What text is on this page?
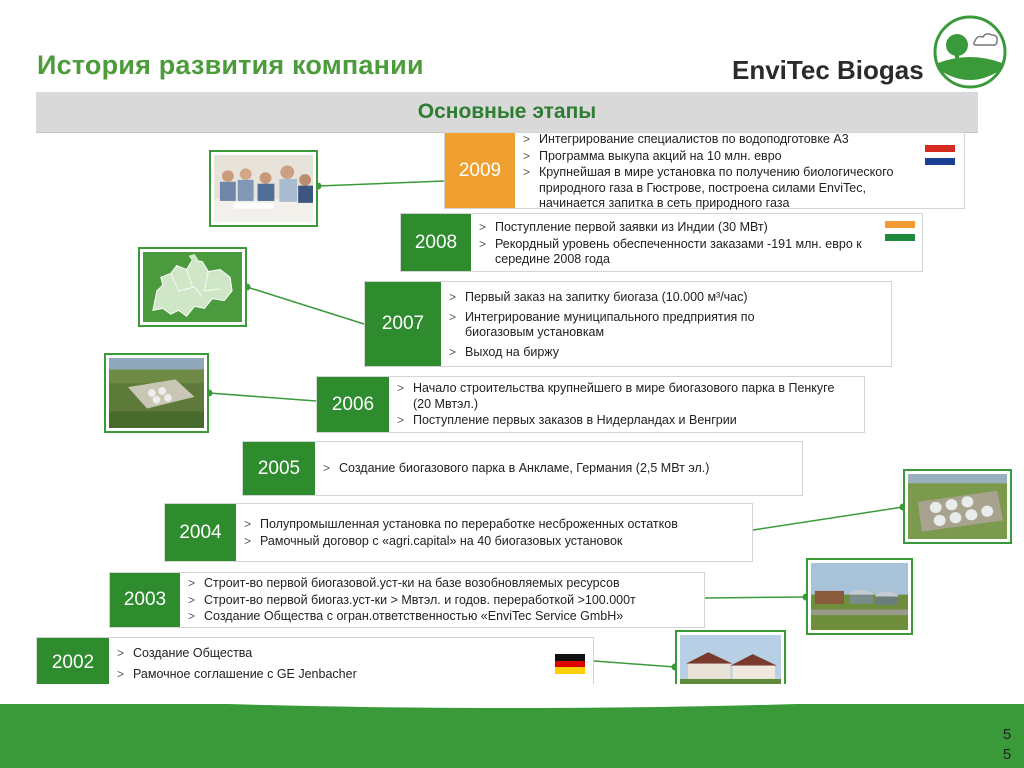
История развития компании	EnviTec Biogas
Основные этапы
2009
> Интегрирование специалистов по водоподготовке А3
> Программа выкупа акций на 10 млн. евро
> Крупнейшая в мире установка по получению биологического природного газа в Гюстрове, построена силами EnviTec, начинается запитка в сеть природного газа
2008
> Поступление первой заявки из Индии (30 МВт)
> Рекордный уровень обеспеченности заказами -191 млн. евро к середине 2008 года
2007
> Первый заказ на запитку биогаза (10.000 м³/час)
> Интегрирование муниципального предприятия по биогазовым установкам
> Выход на биржу
2006
> Начало строительства крупнейшего в мире биогазового парка в Пенкуге (20 Мвтэл.)
> Поступление первых заказов в Нидерландах и Венгрии
2005	> Создание биогазового парка в Анкламе, Германия (2,5 МВт эл.)
2004	> Полупромышленная установка по переработке несброженных остатков
> Рамочный договор с «agri.capital» на 40 биогазовых установок
2003
> Строит-во первой биогазовой.уст-ки на базе возобновляемых ресурсов
> Строит-во первой биогаз.уст-ки > Мвтэл. и годов. переработкой >100.000т
> Создание Общества с огран.ответственностью «EnviTec Service GmbH»
2002	> Создание Общества
> Рамочное соглашение с GE Jenbacher
5
5
